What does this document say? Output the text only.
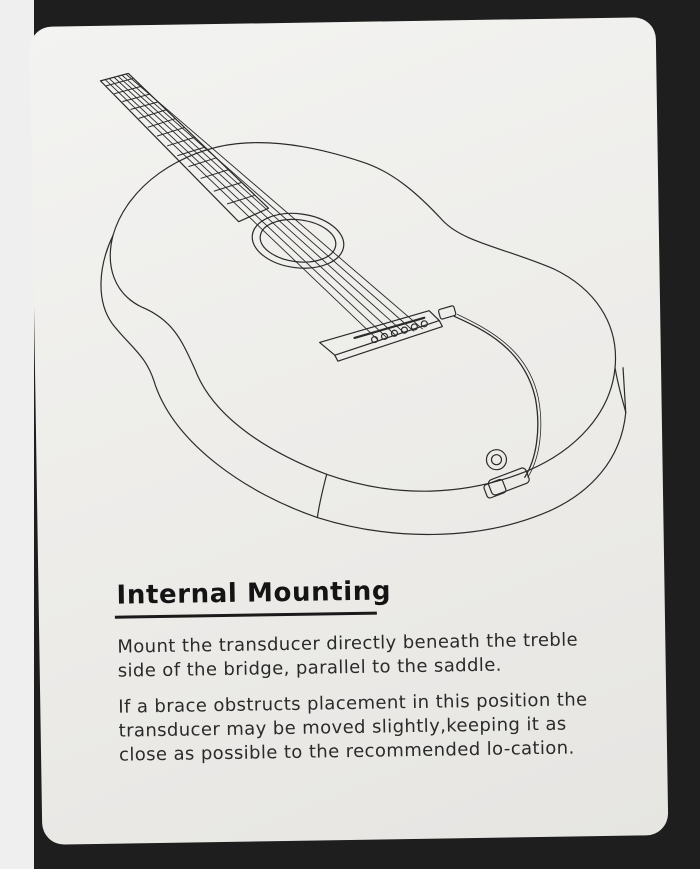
Internal Mounting

Mount the transducer directly beneath the treble side of the bridge, parallel to the saddle.

If a brace obstructs placement in this position the transducer may be moved slightly,keeping it as close as possible to the recommended lo-cation.
